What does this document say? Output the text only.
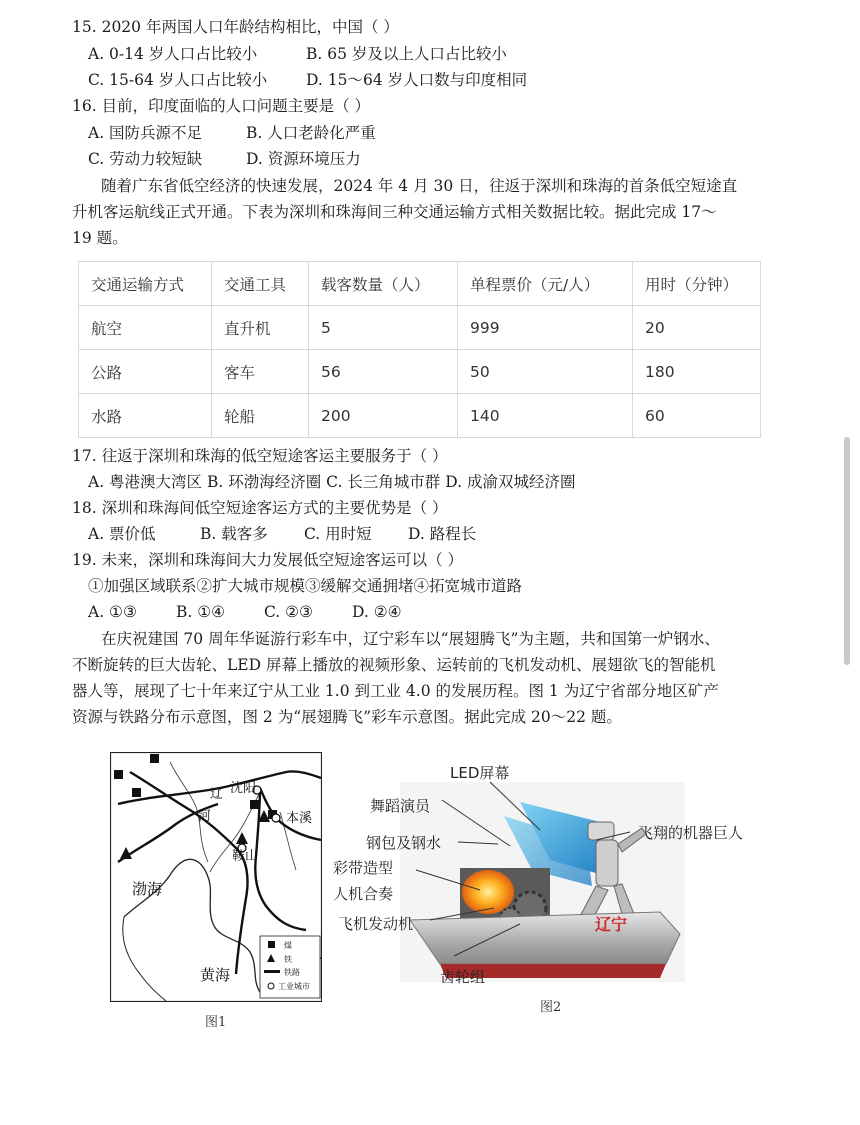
15. 2020 年两国人口年龄结构相比，中国（ ）
A. 0-14 岁人口占比较小	B. 65 岁及以上人口占比较小
C. 15-64 岁人口占比较小 D. 15～64 岁人口数与印度相同
16. 目前，印度面临的人口问题主要是（ ）
A. 国防兵源不足	B. 人口老龄化严重
C. 劳动力较短缺	D. 资源环境压力
随着广东省低空经济的快速发展，2024 年 4 月 30 日，往返于深圳和珠海的首条低空短途直
升机客运航线正式开通。下表为深圳和珠海间三种交通运输方式相关数据比较。据此完成 17～
19 题。
交通运输方式	交通工具	载客数量（人）	单程票价（元/人）	用时（分钟）
航空	直升机	5	999	20
公路	客车	56	50	180
水路	轮船	200	140	60
17. 往返于深圳和珠海的低空短途客运主要服务于（ ）
A. 粤港澳大湾区 B. 环渤海经济圈 C. 长三角城市群 D. 成渝双城经济圈
18. 深圳和珠海间低空短途客运方式的主要优势是（ ）
A. 票价低	B. 载客多 C. 用时短 D. 路程长
19. 未来，深圳和珠海间大力发展低空短途客运可以（ ）
①加强区域联系②扩大城市规模③缓解交通拥堵④拓宽城市道路
A. ①③	B. ①④	C. ②③	D. ②④
在庆祝建国 70 周年华诞游行彩车中，辽宁彩车以“展翅腾飞”为主题，共和国第一炉钢水、
不断旋转的巨大齿轮、LED 屏幕上播放的视频形象、运转前的飞机发动机、展翅欲飞的智能机
器人等，展现了七十年来辽宁从工业 1.0 到工业 4.0 的发展历程。图 1 为辽宁省部分地区矿产
资源与铁路分布示意图，图 2 为“展翅腾飞”彩车示意图。据此完成 20～22 题。
沈阳
辽
河	本溪
鞍山
渤海
黄海
煤
铁
铁路
工业城市
图1
辽宁
LED屏幕
舞蹈演员
钢包及钢水
彩带造型
人机合奏
飞机发动机
齿轮组
飞翔的机器巨人
图2
